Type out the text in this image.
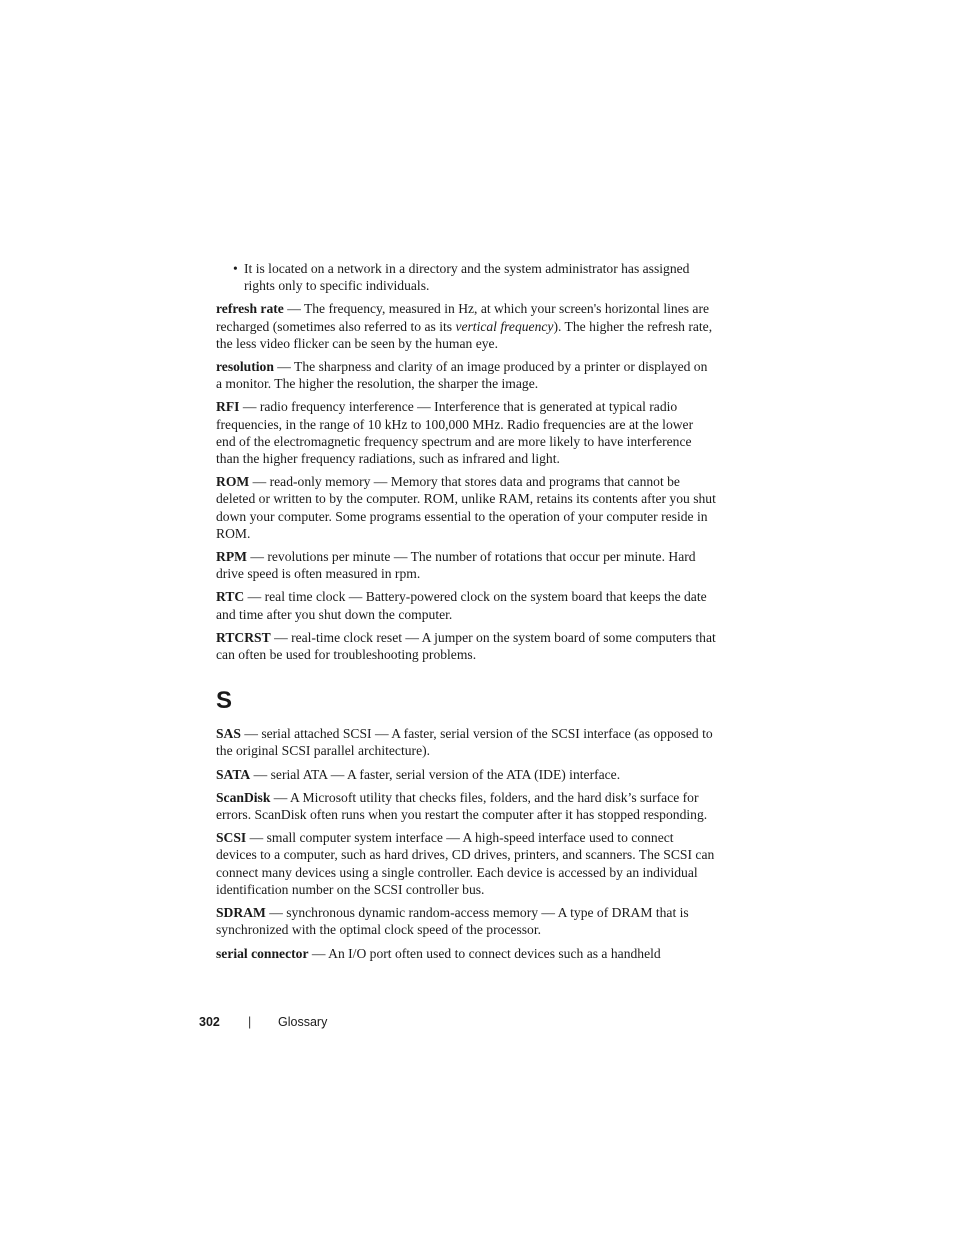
• It is located on a network in a directory and the system administrator has assigned rights only to specific individuals.

refresh rate — The frequency, measured in Hz, at which your screen's horizontal lines are recharged (sometimes also referred to as its vertical frequency). The higher the refresh rate, the less video flicker can be seen by the human eye.

resolution — The sharpness and clarity of an image produced by a printer or displayed on a monitor. The higher the resolution, the sharper the image.

RFI — radio frequency interference — Interference that is generated at typical radio frequencies, in the range of 10 kHz to 100,000 MHz. Radio frequencies are at the lower end of the electromagnetic frequency spectrum and are more likely to have interference than the higher frequency radiations, such as infrared and light.

ROM — read-only memory — Memory that stores data and programs that cannot be deleted or written to by the computer. ROM, unlike RAM, retains its contents after you shut down your computer. Some programs essential to the operation of your computer reside in ROM.

RPM — revolutions per minute — The number of rotations that occur per minute. Hard drive speed is often measured in rpm.

RTC — real time clock — Battery-powered clock on the system board that keeps the date and time after you shut down the computer.

RTCRST — real-time clock reset — A jumper on the system board of some computers that can often be used for troubleshooting problems.

S

SAS — serial attached SCSI — A faster, serial version of the SCSI interface (as opposed to the original SCSI parallel architecture).

SATA — serial ATA — A faster, serial version of the ATA (IDE) interface.

ScanDisk — A Microsoft utility that checks files, folders, and the hard disk’s surface for errors. ScanDisk often runs when you restart the computer after it has stopped responding.

SCSI — small computer system interface — A high-speed interface used to connect devices to a computer, such as hard drives, CD drives, printers, and scanners. The SCSI can connect many devices using a single controller. Each device is accessed by an individual identification number on the SCSI controller bus.

SDRAM — synchronous dynamic random-access memory — A type of DRAM that is synchronized with the optimal clock speed of the processor.

serial connector — An I/O port often used to connect devices such as a handheld

302	|	Glossary
